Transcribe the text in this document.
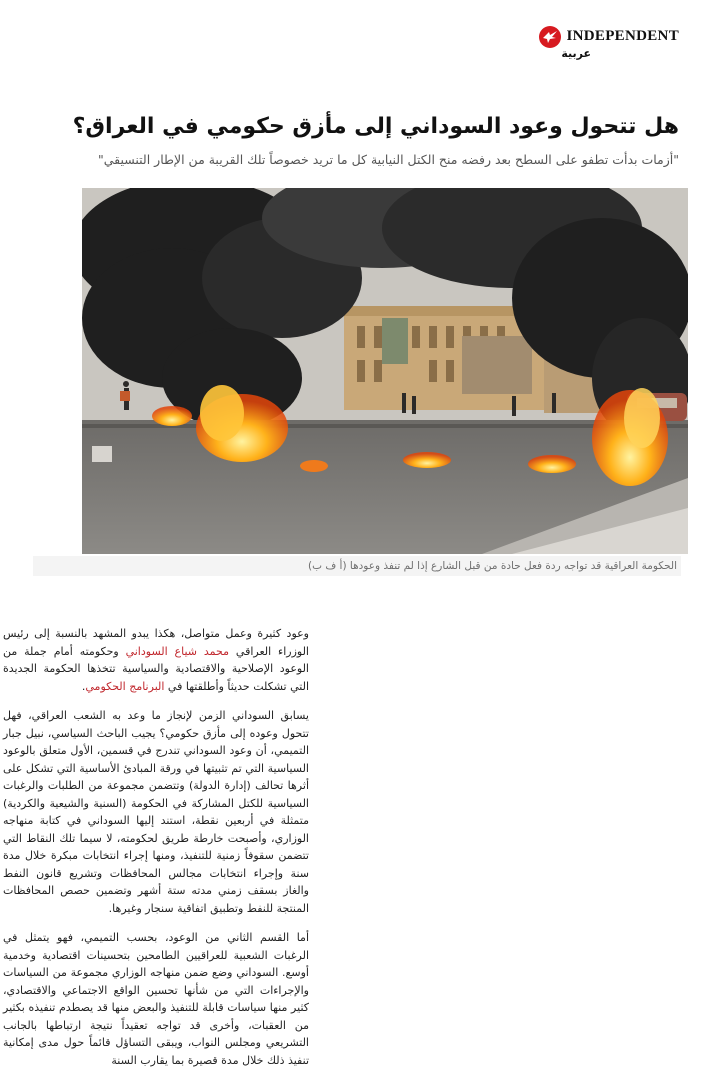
INDEPENDENT
عربية
هل تتحول وعود السوداني إلى مأزق حكومي في العراق؟

"أزمات بدأت تطفو على السطح بعد رفضه منح الكتل النيابية كل ما تريد خصوصاً تلك القريبة من الإطار التنسيقي"

الحكومة العراقية قد تواجه ردة فعل حادة من قبل الشارع إذا لم تنفذ وعودها (أ ف ب)

وعود كثيرة وعمل متواصل، هكذا يبدو المشهد بالنسبة إلى رئيس الوزراء العراقي محمد شياع السوداني وحكومته أمام جملة من الوعود الإصلاحية والاقتصادية والسياسية تتخذها الحكومة الجديدة التي تشكلت حديثاً وأطلقتها في البرنامج الحكومي.

يسابق السوداني الزمن لإنجاز ما وعد به الشعب العراقي، فهل تتحول وعوده إلى مأزق حكومي؟ يجيب الباحث السياسي، نبيل جبار التميمي، أن وعود السوداني تندرج في قسمين، الأول متعلق بالوعود السياسية التي تم تثبيتها في ورقة المبادئ الأساسية التي تشكل على أثرها تحالف (إدارة الدولة) وتتضمن مجموعة من الطلبات والرغبات السياسية للكتل المشاركة في الحكومة (السنية والشيعية والكردية) متمثلة في أربعين نقطة، استند إليها السوداني في كتابة منهاجه الوزاري، وأصبحت خارطة طريق لحكومته، لا سيما تلك النقاط التي تتضمن سقوفاً زمنية للتنفيذ، ومنها إجراء انتخابات مبكرة خلال مدة سنة وإجراء انتخابات مجالس المحافظات وتشريع قانون النفط والغاز بسقف زمني مدته ستة أشهر وتضمين حصص المحافظات المنتجة للنفط وتطبيق اتفاقية سنجار وغيرها.

أما القسم الثاني من الوعود، بحسب التميمي، فهو يتمثل في الرغبات الشعبية للعراقيين الطامحين بتحسينات اقتصادية وخدمية أوسع. السوداني وضع ضمن منهاجه الوزاري مجموعة من السياسات والإجراءات التي من شأنها تحسين الواقع الاجتماعي والاقتصادي، كثير منها سياسات قابلة للتنفيذ والبعض منها قد يصطدم تنفيذه بكثير من العقبات، وأخرى قد تواجه تعقيداً نتيجة ارتباطها بالجانب التشريعي ومجلس النواب، ويبقى التساؤل قائماً حول مدى إمكانية تنفيذ ذلك خلال مدة قصيرة بما يقارب السنة
